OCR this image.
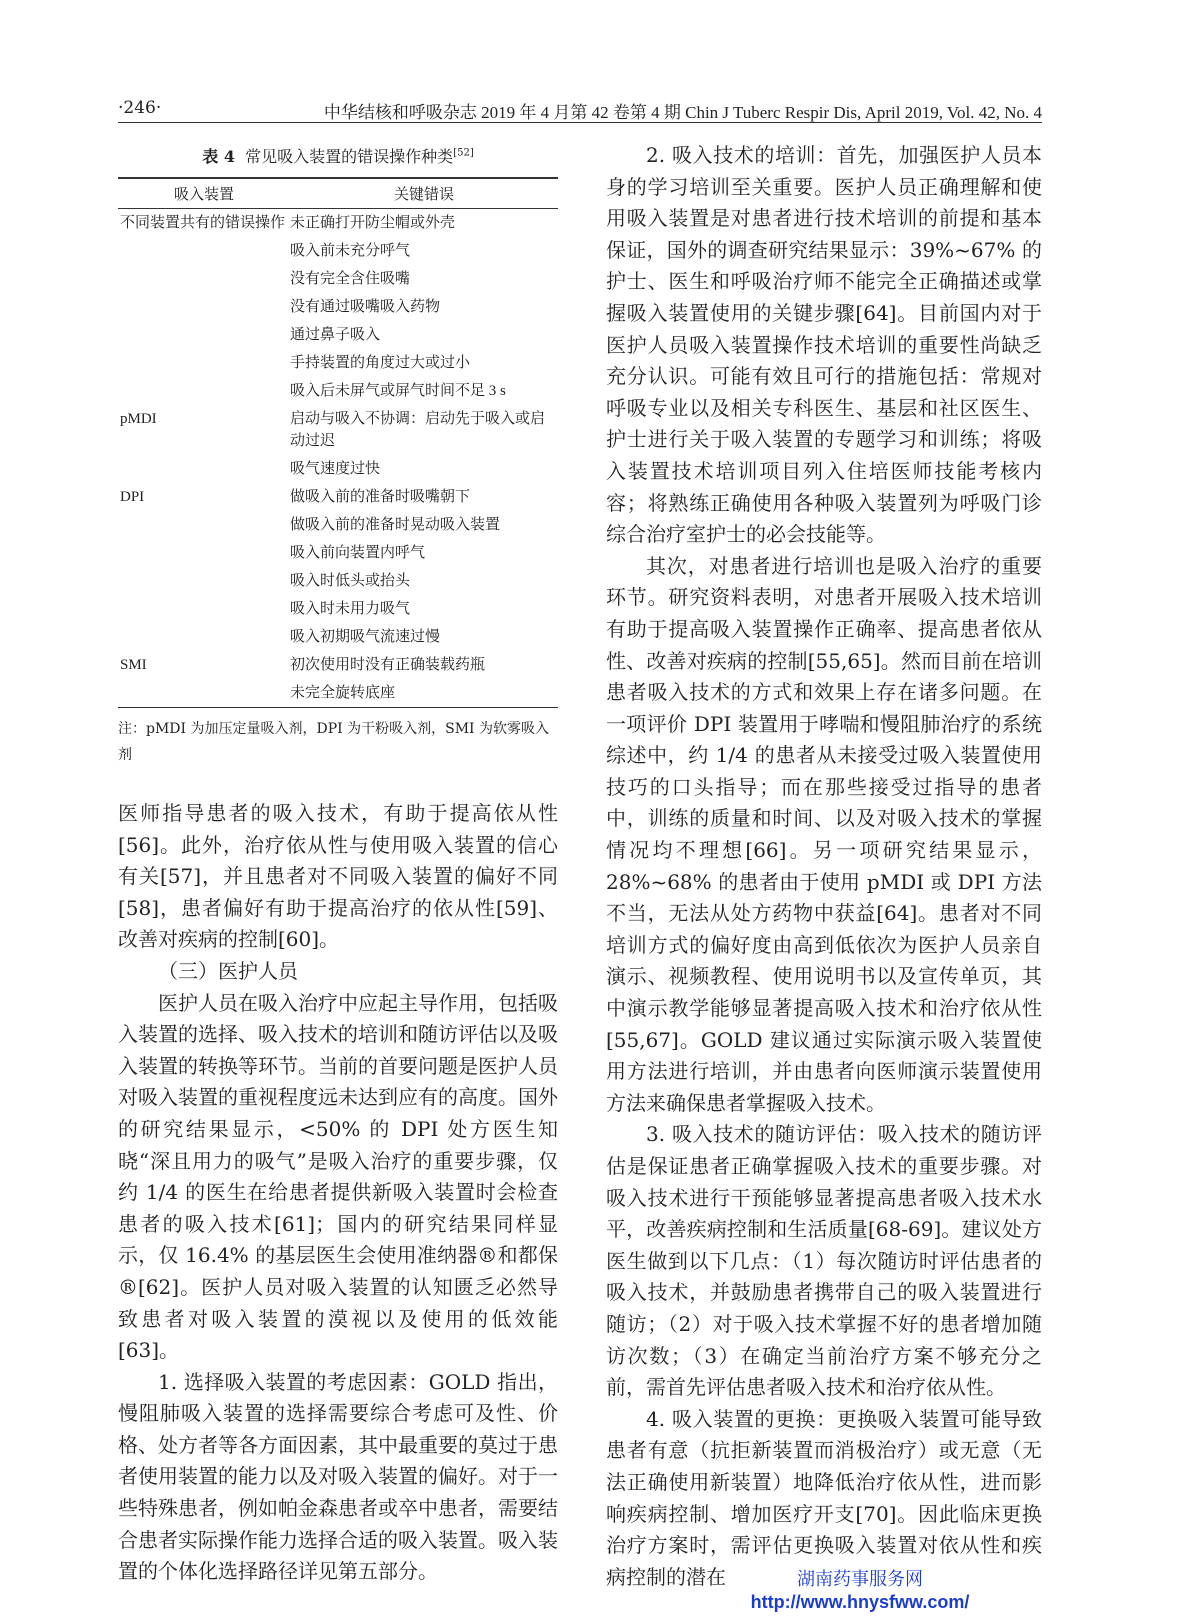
·246·	中华结核和呼吸杂志 2019 年 4 月第 42 卷第 4 期 Chin J Tuberc Respir Dis, April 2019, Vol. 42, No. 4
表 4 常见吸入装置的错误操作种类[52]
吸入装置	关键错误
不同装置共有的错误操作	未正确打开防尘帽或外壳
	吸入前未充分呼气
	没有完全含住吸嘴
	没有通过吸嘴吸入药物
	通过鼻子吸入
	手持装置的角度过大或过小
	吸入后未屏气或屏气时间不足 3 s
pMDI	启动与吸入不协调：启动先于吸入或启动过迟
	吸气速度过快
DPI	做吸入前的准备时吸嘴朝下
	做吸入前的准备时晃动吸入装置
	吸入前向装置内呼气
	吸入时低头或抬头
	吸入时未用力吸气
	吸入初期吸气流速过慢
SMI	初次使用时没有正确装载药瓶
	未完全旋转底座
注：pMDI 为加压定量吸入剂，DPI 为干粉吸入剂，SMI 为软雾吸入剂

医师指导患者的吸入技术，有助于提高依从性[56]。此外，治疗依从性与使用吸入装置的信心有关[57]，并且患者对不同吸入装置的偏好不同[58]，患者偏好有助于提高治疗的依从性[59]、改善对疾病的控制[60]。

（三）医护人员

医护人员在吸入治疗中应起主导作用，包括吸入装置的选择、吸入技术的培训和随访评估以及吸入装置的转换等环节。当前的首要问题是医护人员对吸入装置的重视程度远未达到应有的高度。国外的研究结果显示，<50% 的 DPI 处方医生知晓“深且用力的吸气”是吸入治疗的重要步骤，仅约 1/4 的医生在给患者提供新吸入装置时会检查患者的吸入技术[61]；国内的研究结果同样显示，仅 16.4% 的基层医生会使用准纳器®和都保®[62]。医护人员对吸入装置的认知匮乏必然导致患者对吸入装置的漠视以及使用的低效能[63]。

1. 选择吸入装置的考虑因素：GOLD 指出，慢阻肺吸入装置的选择需要综合考虑可及性、价格、处方者等各方面因素，其中最重要的莫过于患者使用装置的能力以及对吸入装置的偏好。对于一些特殊患者，例如帕金森患者或卒中患者，需要结合患者实际操作能力选择合适的吸入装置。吸入装置的个体化选择路径详见第五部分。

2. 吸入技术的培训：首先，加强医护人员本身的学习培训至关重要。医护人员正确理解和使用吸入装置是对患者进行技术培训的前提和基本保证，国外的调查研究结果显示：39%~67% 的护士、医生和呼吸治疗师不能完全正确描述或掌握吸入装置使用的关键步骤[64]。目前国内对于医护人员吸入装置操作技术培训的重要性尚缺乏充分认识。可能有效且可行的措施包括：常规对呼吸专业以及相关专科医生、基层和社区医生、护士进行关于吸入装置的专题学习和训练；将吸入装置技术培训项目列入住培医师技能考核内容；将熟练正确使用各种吸入装置列为呼吸门诊综合治疗室护士的必会技能等。

其次，对患者进行培训也是吸入治疗的重要环节。研究资料表明，对患者开展吸入技术培训有助于提高吸入装置操作正确率、提高患者依从性、改善对疾病的控制[55,65]。然而目前在培训患者吸入技术的方式和效果上存在诸多问题。在一项评价 DPI 装置用于哮喘和慢阻肺治疗的系统综述中，约 1/4 的患者从未接受过吸入装置使用技巧的口头指导；而在那些接受过指导的患者中，训练的质量和时间、以及对吸入技术的掌握情况均不理想[66]。另一项研究结果显示，28%~68% 的患者由于使用 pMDI 或 DPI 方法不当，无法从处方药物中获益[64]。患者对不同培训方式的偏好度由高到低依次为医护人员亲自演示、视频教程、使用说明书以及宣传单页，其中演示教学能够显著提高吸入技术和治疗依从性[55,67]。GOLD 建议通过实际演示吸入装置使用方法进行培训，并由患者向医师演示装置使用方法来确保患者掌握吸入技术。

3. 吸入技术的随访评估：吸入技术的随访评估是保证患者正确掌握吸入技术的重要步骤。对吸入技术进行干预能够显著提高患者吸入技术水平，改善疾病控制和生活质量[68-69]。建议处方医生做到以下几点：（1）每次随访时评估患者的吸入技术，并鼓励患者携带自己的吸入装置进行随访；（2）对于吸入技术掌握不好的患者增加随访次数；（3）在确定当前治疗方案不够充分之前，需首先评估患者吸入技术和治疗依从性。

4. 吸入装置的更换：更换吸入装置可能导致患者有意（抗拒新装置而消极治疗）或无意（无法正确使用新装置）地降低治疗依从性，进而影响疾病控制、增加医疗开支[70]。因此临床更换治疗方案时，需评估更换吸入装置对依从性和疾病控制的潜在	湖南药事服务网
http://www.hnysfww.com/
